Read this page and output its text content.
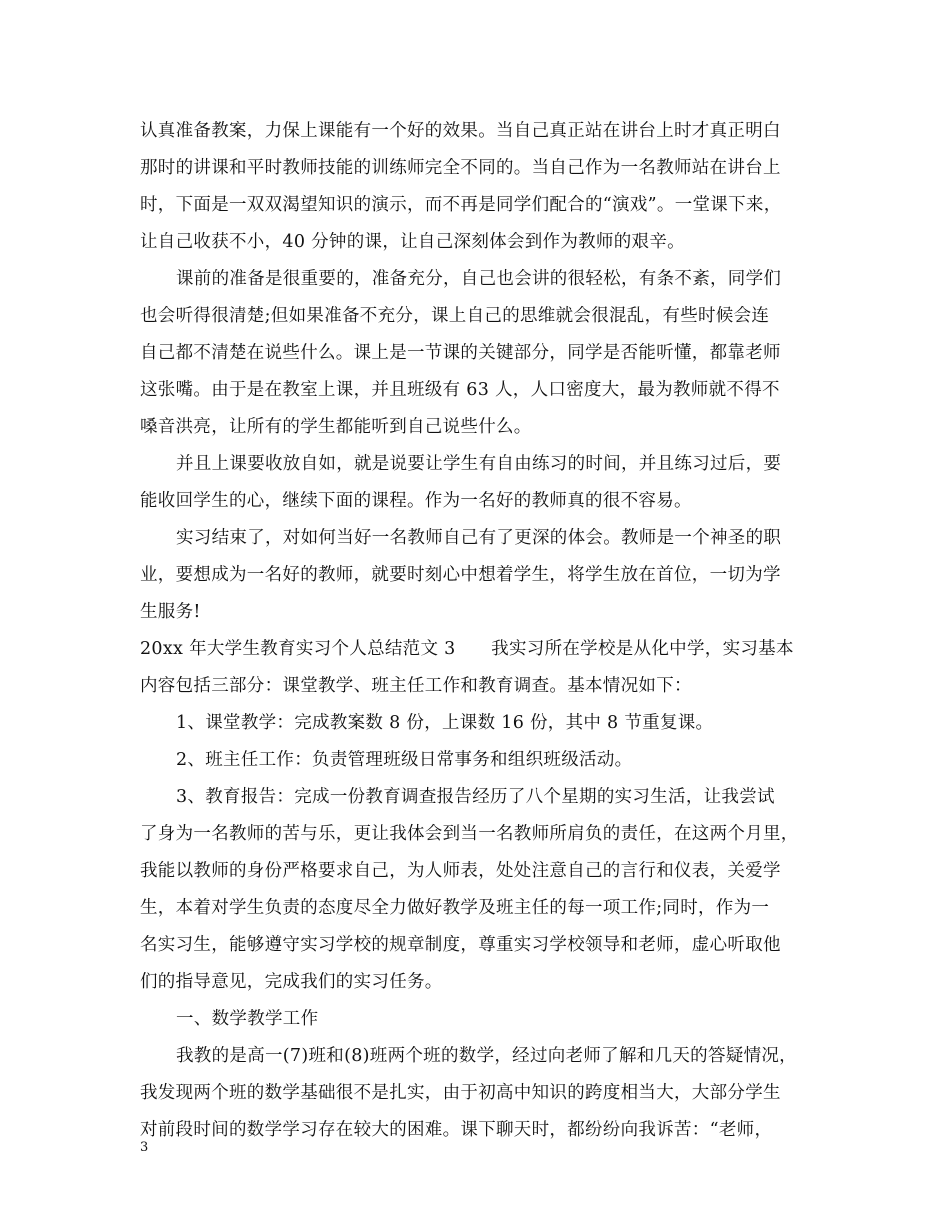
认真准备教案，力保上课能有一个好的效果。当自己真正站在讲台上时才真正明白
那时的讲课和平时教师技能的训练师完全不同的。当自己作为一名教师站在讲台上
时，下面是一双双渴望知识的演示，而不再是同学们配合的“演戏”。一堂课下来，
让自己收获不小，40 分钟的课，让自己深刻体会到作为教师的艰辛。
课前的准备是很重要的，准备充分，自己也会讲的很轻松，有条不紊，同学们
也会听得很清楚;但如果准备不充分，课上自己的思维就会很混乱，有些时候会连
自己都不清楚在说些什么。课上是一节课的关键部分，同学是否能听懂，都靠老师
这张嘴。由于是在教室上课，并且班级有 63 人，人口密度大，最为教师就不得不
嗓音洪亮，让所有的学生都能听到自己说些什么。
并且上课要收放自如，就是说要让学生有自由练习的时间，并且练习过后，要
能收回学生的心，继续下面的课程。作为一名好的教师真的很不容易。
实习结束了，对如何当好一名教师自己有了更深的体会。教师是一个神圣的职
业，要想成为一名好的教师，就要时刻心中想着学生，将学生放在首位，一切为学
生服务!
20xx 年大学生教育实习个人总结范文 3　　我实习所在学校是从化中学，实习基本
内容包括三部分：课堂教学、班主任工作和教育调查。基本情况如下：
1、课堂教学：完成教案数 8 份，上课数 16 份，其中 8 节重复课。
2、班主任工作：负责管理班级日常事务和组织班级活动。
3、教育报告：完成一份教育调查报告经历了八个星期的实习生活，让我尝试
了身为一名教师的苦与乐，更让我体会到当一名教师所肩负的责任，在这两个月里，
我能以教师的身份严格要求自己，为人师表，处处注意自己的言行和仪表，关爱学
生，本着对学生负责的态度尽全力做好教学及班主任的每一项工作;同时，作为一
名实习生，能够遵守实习学校的规章制度，尊重实习学校领导和老师，虚心听取他
们的指导意见，完成我们的实习任务。
一、数学教学工作
我教的是高一(7)班和(8)班两个班的数学，经过向老师了解和几天的答疑情况，
我发现两个班的数学基础很不是扎实，由于初高中知识的跨度相当大，大部分学生
对前段时间的数学学习存在较大的困难。课下聊天时，都纷纷向我诉苦：“老师，
3
